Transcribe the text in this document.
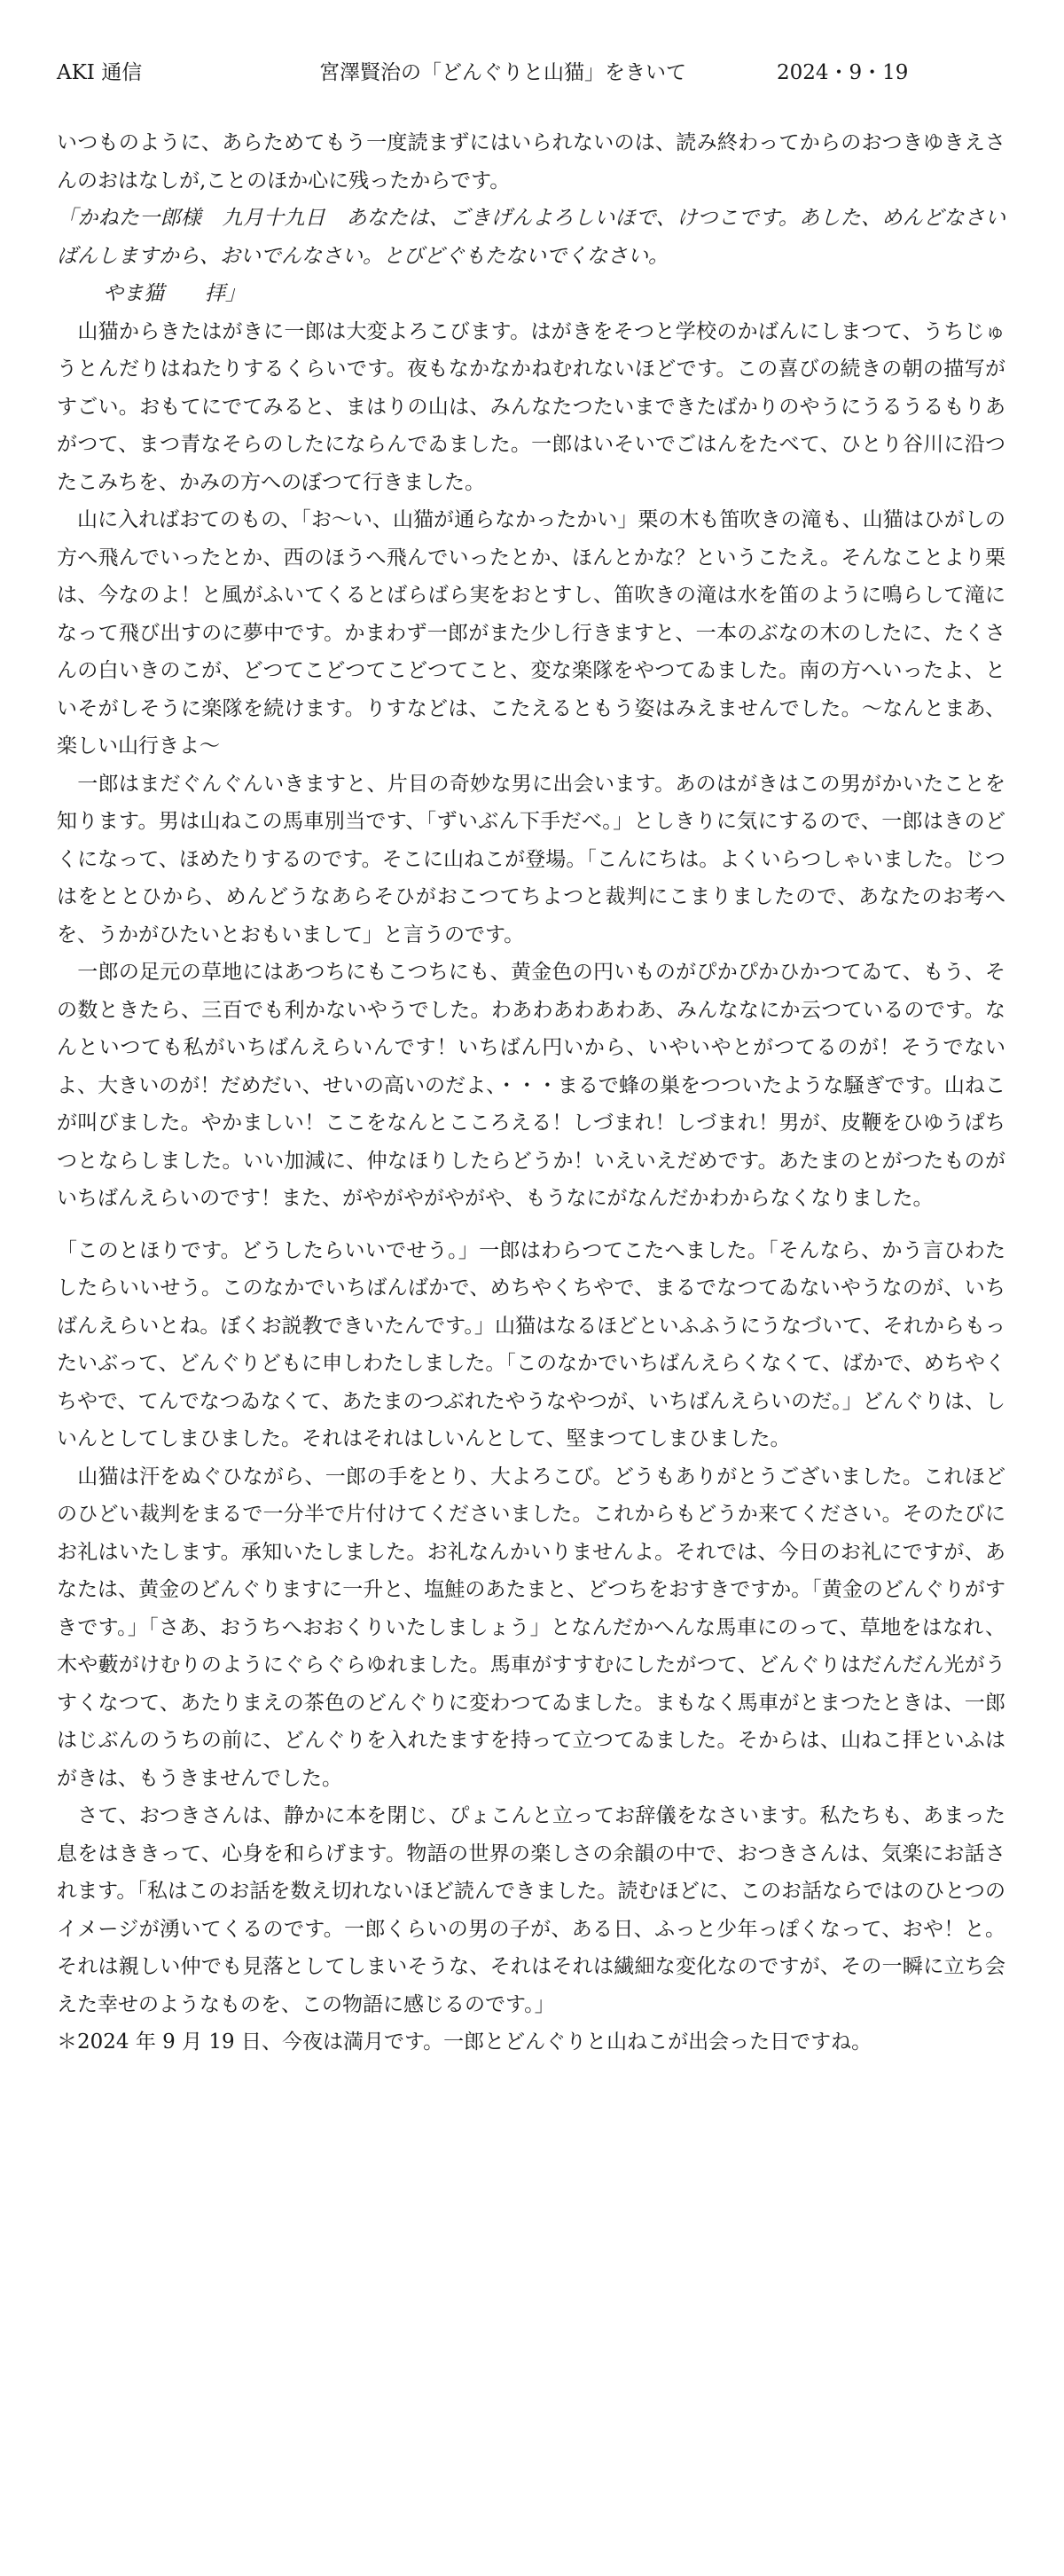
AKI 通信	宮澤賢治の「どんぐりと山猫」をきいて	2024・9・19

いつものように、あらためてもう一度読まずにはいられないのは、読み終わってからのおつきゆきえさんのおはなしが,ことのほか心に残ったからです。

「かねた一郎様　九月十九日　あなたは、ごきげんよろしいほで、けつこです。あした、めんどなさいばんしますから、おいでんなさい。とびどぐもたないでくなさい。

やま猫　　拝」

　山猫からきたはがきに一郎は大変よろこびます。はがきをそつと学校のかばんにしまつて、うちじゅうとんだりはねたりするくらいです。夜もなかなかねむれないほどです。この喜びの続きの朝の描写がすごい。おもてにでてみると、まはりの山は、みんなたつたいまできたばかりのやうにうるうるもりあがつて、まつ青なそらのしたにならんでゐました。一郎はいそいでごはんをたべて、ひとり谷川に沿つたこみちを、かみの方へのぼつて行きました。

　山に入ればおてのもの、「お〜い、山猫が通らなかったかい」栗の木も笛吹きの滝も、山猫はひがしの方へ飛んでいったとか、西のほうへ飛んでいったとか、ほんとかな？というこたえ。そんなことより栗は、今なのよ！と風がふいてくるとばらばら実をおとすし、笛吹きの滝は水を笛のように鳴らして滝になって飛び出すのに夢中です。かまわず一郎がまた少し行きますと、一本のぶなの木のしたに、たくさんの白いきのこが、どつてこどつてこどつてこと、変な楽隊をやつてゐました。南の方へいったよ、といそがしそうに楽隊を続けます。りすなどは、こたえるともう姿はみえませんでした。〜なんとまあ、楽しい山行きよ〜

　一郎はまだぐんぐんいきますと、片目の奇妙な男に出会います。あのはがきはこの男がかいたことを知ります。男は山ねこの馬車別当です、「ずいぶん下手だべ。」としきりに気にするので、一郎はきのどくになって、ほめたりするのです。そこに山ねこが登場。「こんにちは。よくいらつしゃいました。じつはをととひから、めんどうなあらそひがおこつてちよつと裁判にこまりましたので、あなたのお考へを、うかがひたいとおもいまして」と言うのです。

　一郎の足元の草地にはあつちにもこつちにも、黄金色の円いものがぴかぴかひかつてゐて、もう、その数ときたら、三百でも利かないやうでした。わあわあわあわあ、みんななにか云つているのです。なんといつても私がいちばんえらいんです！いちばん円いから、いやいやとがつてるのが！そうでないよ、大きいのが！だめだい、せいの高いのだよ、・・・まるで蜂の巣をつついたような騒ぎです。山ねこが叫びました。やかましい！ここをなんとこころえる！しづまれ！しづまれ！男が、皮鞭をひゆうぱちつとならしました。いい加減に、仲なほりしたらどうか！いえいえだめです。あたまのとがつたものがいちばんえらいのです！また、がやがやがやがや、もうなにがなんだかわからなくなりました。

「このとほりです。どうしたらいいでせう。」一郎はわらつてこたへました。「そんなら、かう言ひわたしたらいいせう。このなかでいちばんばかで、めちやくちやで、まるでなつてゐないやうなのが、いちばんえらいとね。ぼくお説教できいたんです。」山猫はなるほどといふふうにうなづいて、それからもったいぶって、どんぐりどもに申しわたしました。「このなかでいちばんえらくなくて、ばかで、めちやくちやで、てんでなつゐなくて、あたまのつぶれたやうなやつが、いちばんえらいのだ。」どんぐりは、しいんとしてしまひました。それはそれはしいんとして、堅まつてしまひました。

　山猫は汗をぬぐひながら、一郎の手をとり、大よろこび。どうもありがとうございました。これほどのひどい裁判をまるで一分半で片付けてくださいました。これからもどうか来てください。そのたびにお礼はいたします。承知いたしました。お礼なんかいりませんよ。それでは、今日のお礼にですが、あなたは、黄金のどんぐりますに一升と、塩鮭のあたまと、どつちをおすきですか。「黄金のどんぐりがすきです。」「さあ、おうちへおおくりいたしましょう」となんだかへんな馬車にのって、草地をはなれ、木や藪がけむりのようにぐらぐらゆれました。馬車がすすむにしたがつて、どんぐりはだんだん光がうすくなつて、あたりまえの茶色のどんぐりに変わつてゐました。まもなく馬車がとまつたときは、一郎はじぶんのうちの前に、どんぐりを入れたますを持って立つてゐました。そからは、山ねこ拝といふはがきは、もうきませんでした。

　さて、おつきさんは、静かに本を閉じ、ぴょこんと立ってお辞儀をなさいます。私たちも、あまった息をはききって、心身を和らげます。物語の世界の楽しさの余韻の中で、おつきさんは、気楽にお話されます。「私はこのお話を数え切れないほど読んできました。読むほどに、このお話ならではのひとつのイメージが湧いてくるのです。一郎くらいの男の子が、ある日、ふっと少年っぽくなって、おや！と。それは親しい仲でも見落としてしまいそうな、それはそれは繊細な変化なのですが、その一瞬に立ち会えた幸せのようなものを、この物語に感じるのです。」

＊2024 年 9 月 19 日、今夜は満月です。一郎とどんぐりと山ねこが出会った日ですね。
